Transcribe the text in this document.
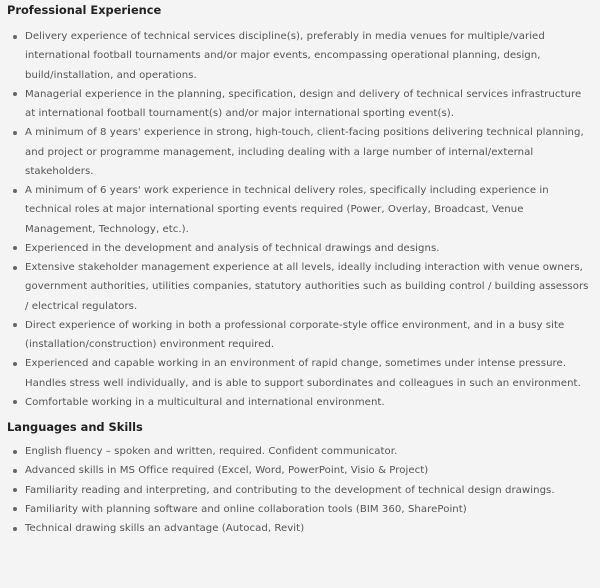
Professional Experience
Delivery experience of technical services discipline(s), preferably in media venues for multiple/varied international football tournaments and/or major events, encompassing operational planning, design, build/installation, and operations.
Managerial experience in the planning, specification, design and delivery of technical services infrastructure at international football tournament(s) and/or major international sporting event(s).
A minimum of 8 years' experience in strong, high-touch, client-facing positions delivering technical planning, and project or programme management, including dealing with a large number of internal/external stakeholders.
A minimum of 6 years' work experience in technical delivery roles, specifically including experience in technical roles at major international sporting events required (Power, Overlay, Broadcast, Venue Management, Technology, etc.).
Experienced in the development and analysis of technical drawings and designs.
Extensive stakeholder management experience at all levels, ideally including interaction with venue owners, government authorities, utilities companies, statutory authorities such as building control / building assessors / electrical regulators.
Direct experience of working in both a professional corporate-style office environment, and in a busy site (installation/construction) environment required.
Experienced and capable working in an environment of rapid change, sometimes under intense pressure. Handles stress well individually, and is able to support subordinates and colleagues in such an environment.
Comfortable working in a multicultural and international environment.
Languages and Skills
English fluency – spoken and written, required. Confident communicator.
Advanced skills in MS Office required (Excel, Word, PowerPoint, Visio & Project)
Familiarity reading and interpreting, and contributing to the development of technical design drawings.
Familiarity with planning software and online collaboration tools (BIM 360, SharePoint)
Technical drawing skills an advantage (Autocad, Revit)
